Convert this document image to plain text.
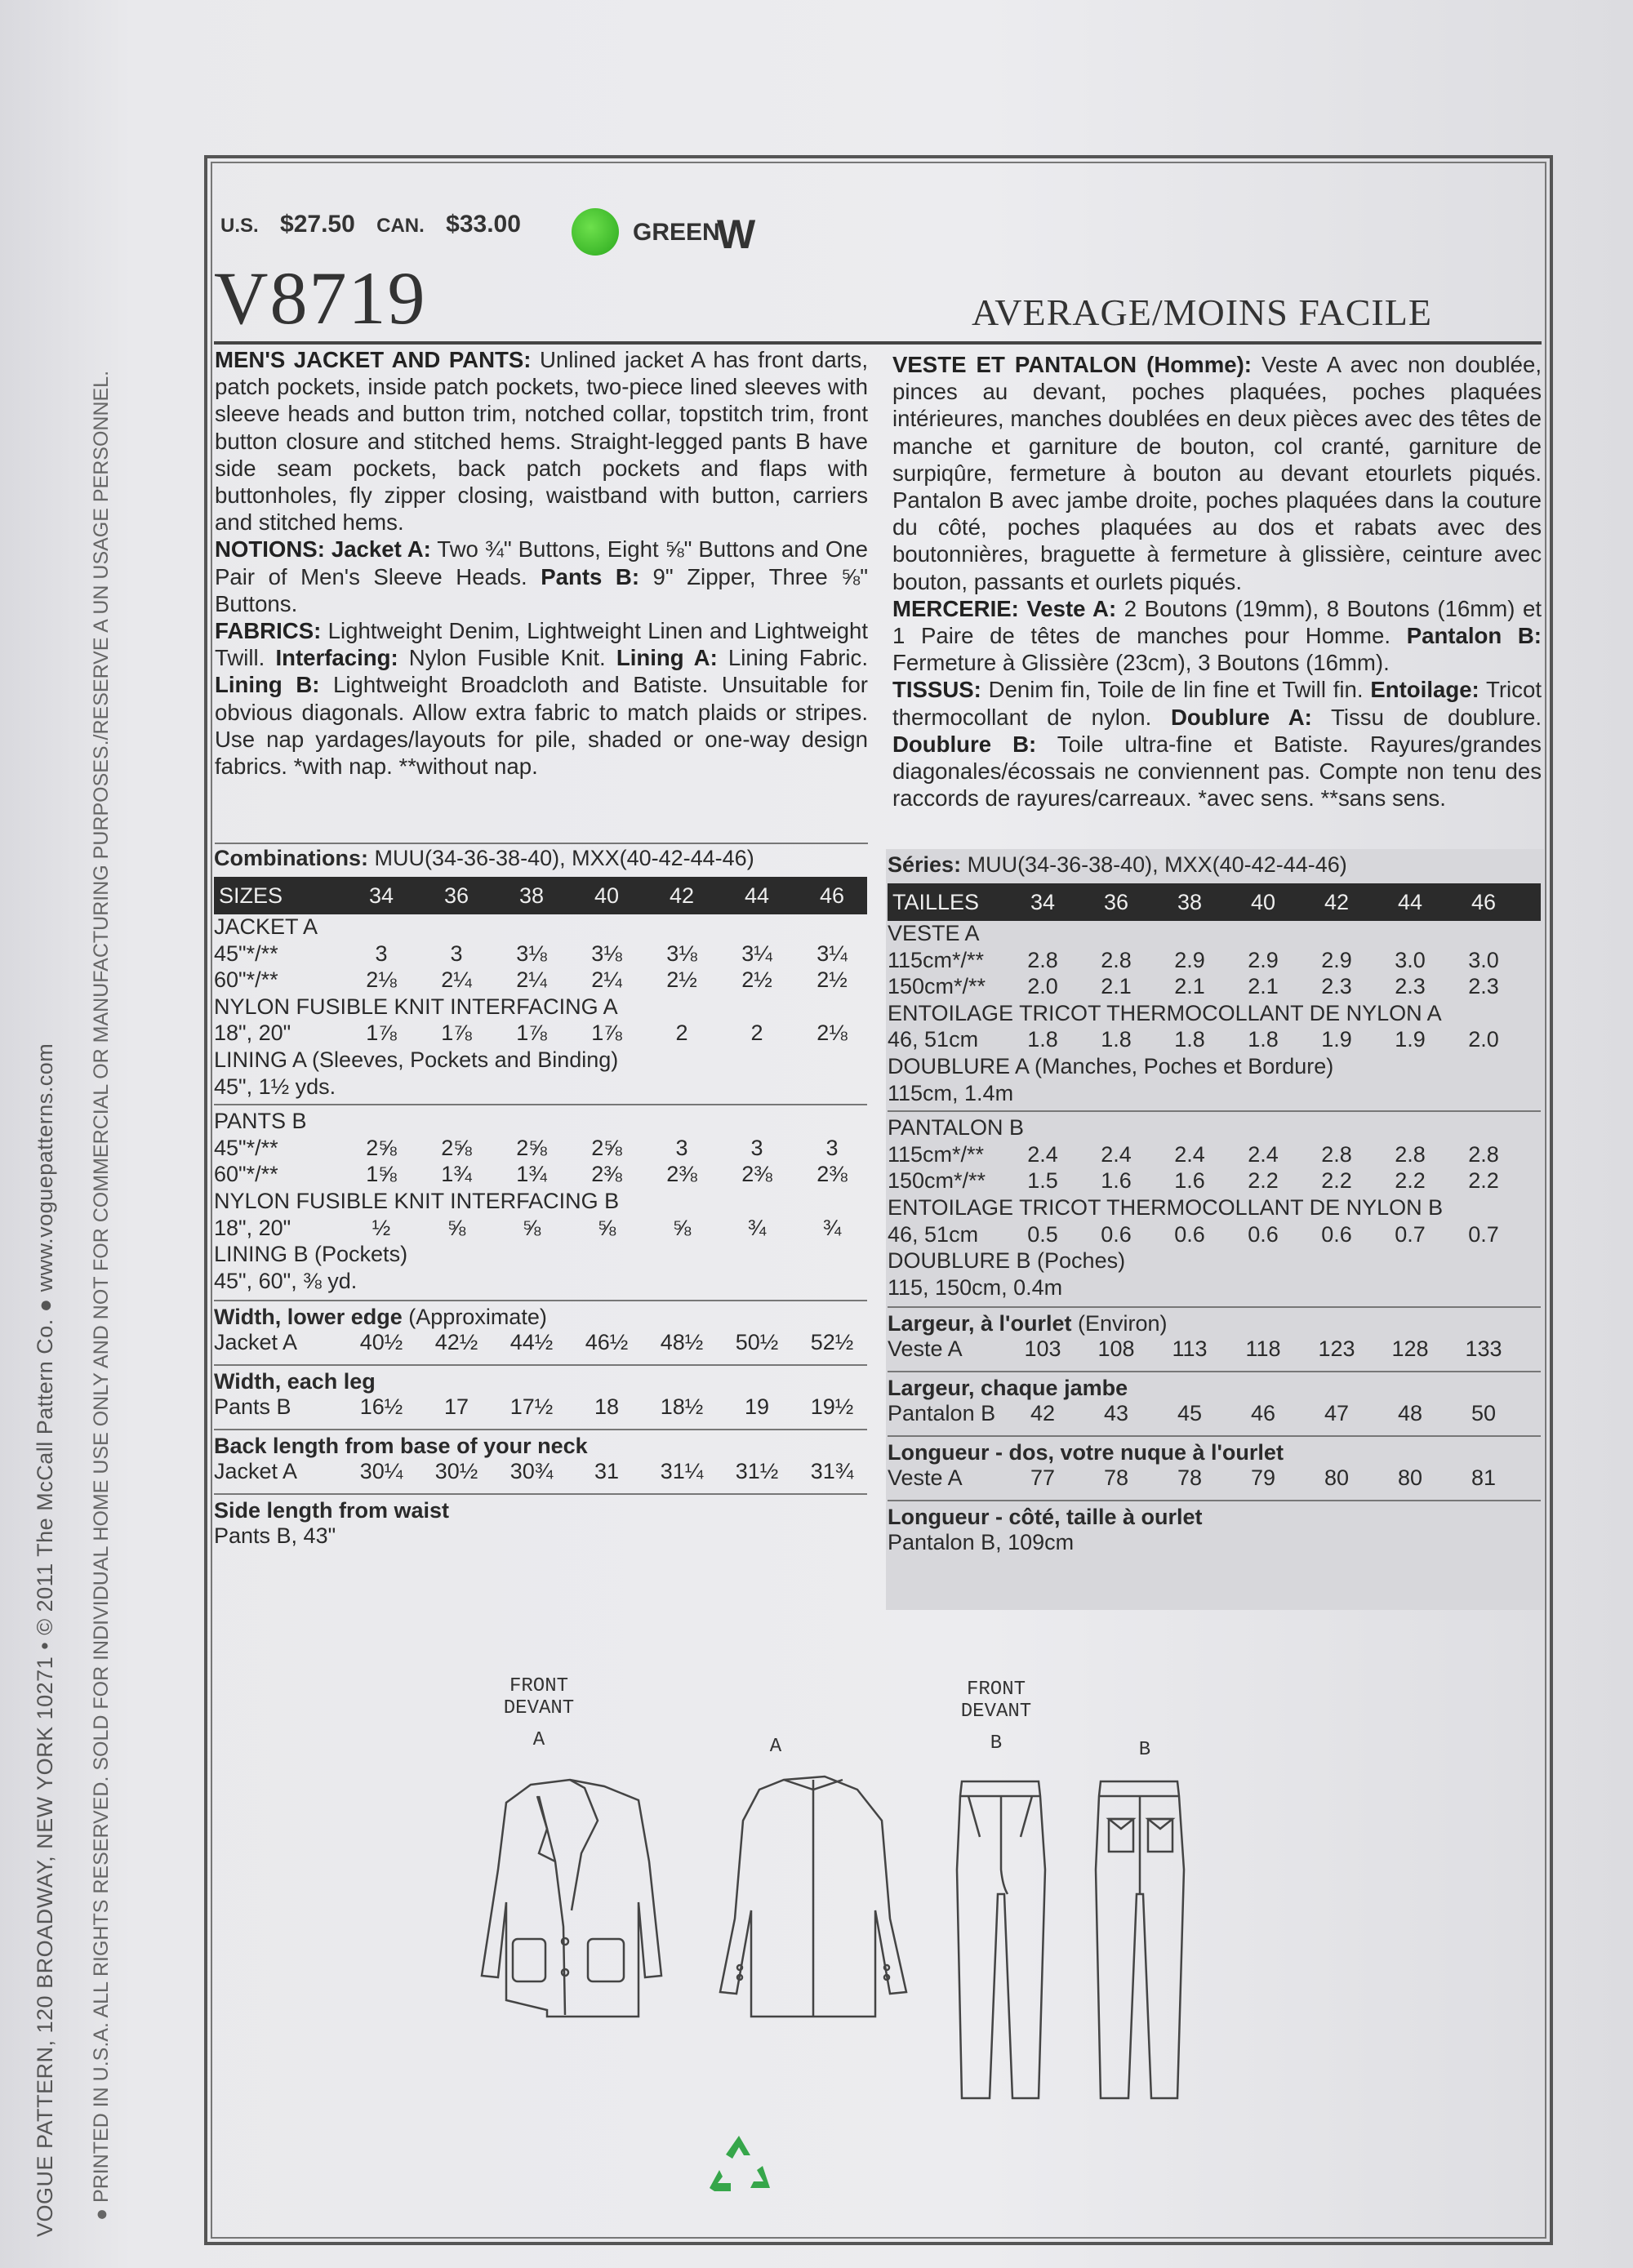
VOGUE PATTERN, 120 BROADWAY, NEW YORK 10271 • © 2011 The McCall Pattern Co. ● www.voguepatterns.com
● PRINTED IN U.S.A. ALL RIGHTS RESERVED. SOLD FOR INDIVIDUAL HOME USE ONLY AND NOT FOR COMMERCIAL OR MANUFACTURING PURPOSES./RESERVE A UN USAGE PERSONNEL.
U.S. $27.50 CAN. $33.00	GREEN
W
V8719	AVERAGE/MOINS FACILE
MEN'S JACKET AND PANTS: Unlined jacket A has front darts, patch pockets, inside patch pockets, two-piece lined sleeves with sleeve heads and button trim, notched collar, topstitch trim, front button closure and stitched hems. Straight-legged pants B have side seam pockets, back patch pockets and flaps with buttonholes, fly zipper closing, waistband with button, carriers and stitched hems.
NOTIONS: Jacket A: Two ¾" Buttons, Eight ⅝" Buttons and One Pair of Men's Sleeve Heads. Pants B: 9" Zipper, Three ⅝" Buttons.
FABRICS: Lightweight Denim, Lightweight Linen and Lightweight Twill. Interfacing: Nylon Fusible Knit. Lining A: Lining Fabric. Lining B: Lightweight Broadcloth and Batiste. Unsuitable for obvious diagonals. Allow extra fabric to match plaids or stripes. Use nap yardages/layouts for pile, shaded or one-way design fabrics. *with nap. **without nap.
VESTE ET PANTALON (Homme): Veste A avec non doublée, pinces au devant, poches plaquées, poches plaquées intérieures, manches doublées en deux pièces avec des têtes de manche et garniture de bouton, col cranté, garniture de surpiqûre, fermeture à bouton au devant etourlets piqués. Pantalon B avec jambe droite, poches plaquées dans la couture du côté, poches plaquées au dos et rabats avec des boutonnières, braguette à fermeture à glissière, ceinture avec bouton, passants et ourlets piqués.
MERCERIE: Veste A: 2 Boutons (19mm), 8 Boutons (16mm) et 1 Paire de têtes de manches pour Homme. Pantalon B: Fermeture à Glissière (23cm), 3 Boutons (16mm).
TISSUS: Denim fin, Toile de lin fine et Twill fin. Entoilage: Tricot thermocollant de nylon. Doublure A: Tissu de doublure. Doublure B: Toile ultra-fine et Batiste. Rayures/grandes diagonales/écossais ne conviennent pas. Compte non tenu des raccords de rayures/carreaux. *avec sens. **sans sens.
Combinations: MUU(34-36-38-40), MXX(40-42-44-46)
SIZES	34	36	38	40	42	44	46
JACKET A
45"*/**	3	3	3⅛	3⅛	3⅛	3¼	3¼
60"*/**	2⅛	2¼	2¼	2¼	2½	2½	2½
NYLON FUSIBLE KNIT INTERFACING A
18", 20"	1⅞	1⅞	1⅞	1⅞	2	2	2⅛
LINING A (Sleeves, Pockets and Binding)
45", 1½ yds.
PANTS B
45"*/**	2⅝	2⅝	2⅝	2⅝	3	3	3
60"*/**	1⅝	1¾	1¾	2⅜	2⅜	2⅜	2⅜
NYLON FUSIBLE KNIT INTERFACING B
18", 20"	½	⅝	⅝	⅝	⅝	¾	¾
LINING B (Pockets)
45", 60", ⅜ yd.
Width, lower edge (Approximate)
Jacket A	40½	42½	44½	46½	48½	50½	52½
Width, each leg
Pants B	16½	17	17½	18	18½	19	19½
Back length from base of your neck
Jacket A	30¼	30½	30¾	31	31¼	31½	31¾
Side length from waist
Pants B, 43"
Séries: MUU(34-36-38-40), MXX(40-42-44-46)
TAILLES	34	36	38	40	42	44	46
VESTE A
115cm*/**	2.8	2.8	2.9	2.9	2.9	3.0	3.0
150cm*/**	2.0	2.1	2.1	2.1	2.3	2.3	2.3
ENTOILAGE TRICOT THERMOCOLLANT DE NYLON A
46, 51cm	1.8	1.8	1.8	1.8	1.9	1.9	2.0
DOUBLURE A (Manches, Poches et Bordure)
115cm, 1.4m
PANTALON B
115cm*/**	2.4	2.4	2.4	2.4	2.8	2.8	2.8
150cm*/**	1.5	1.6	1.6	2.2	2.2	2.2	2.2
ENTOILAGE TRICOT THERMOCOLLANT DE NYLON B
46, 51cm	0.5	0.6	0.6	0.6	0.6	0.7	0.7
DOUBLURE B (Poches)
115, 150cm, 0.4m
Largeur, à l'ourlet (Environ)
Veste A	103	108	113	118	123	128	133
Largeur, chaque jambe
Pantalon B	42	43	45	46	47	48	50
Longueur - dos, votre nuque à l'ourlet
Veste A	77	78	78	79	80	80	81
Longueur - côté, taille à ourlet
Pantalon B, 109cm
FRONT
DEVANT
A	A
FRONT
DEVANT
B	B
